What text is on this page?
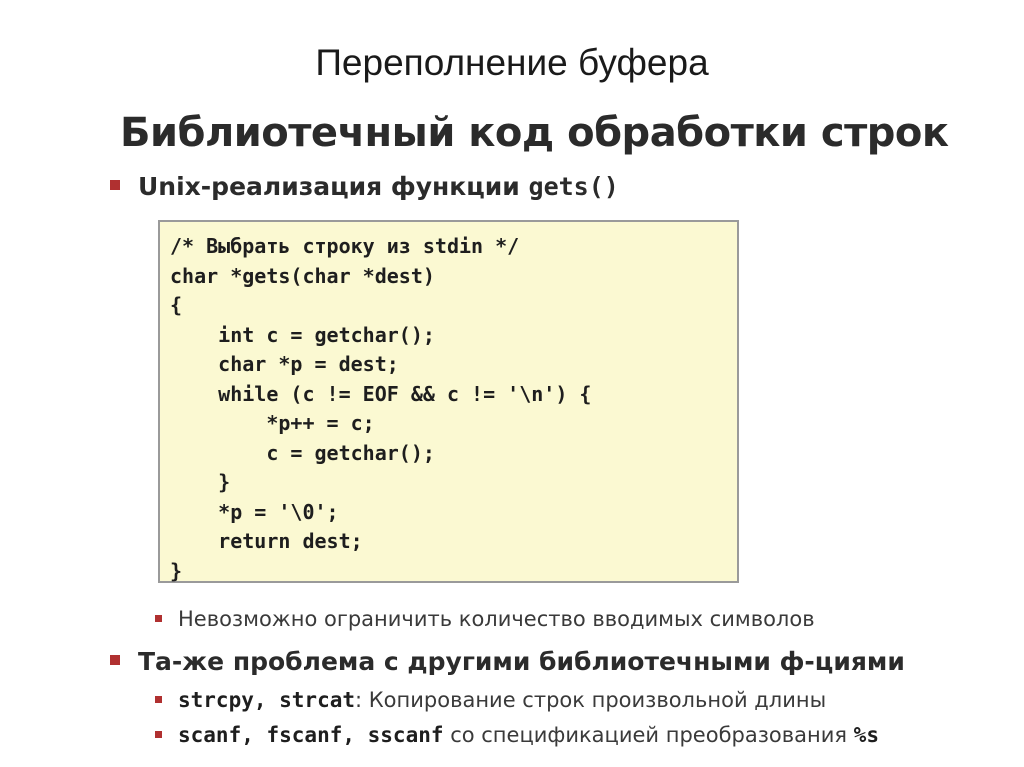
Переполнение буфера
Библиотечный код обработки строк
Unix-реализация функции gets()
/* Выбрать строку из stdin */
char *gets(char *dest)
{
int c = getchar();
char *p = dest;
while (c != EOF && c != '\n') {
*p++ = c;
c = getchar();
}
*p = '\0';
return dest;
}
Невозможно ограничить количество вводимых символов
Та-же проблема с другими библиотечными ф-циями
strcpy, strcat: Копирование строк произвольной длины
scanf, fscanf, sscanf со спецификацией преобразования %s
